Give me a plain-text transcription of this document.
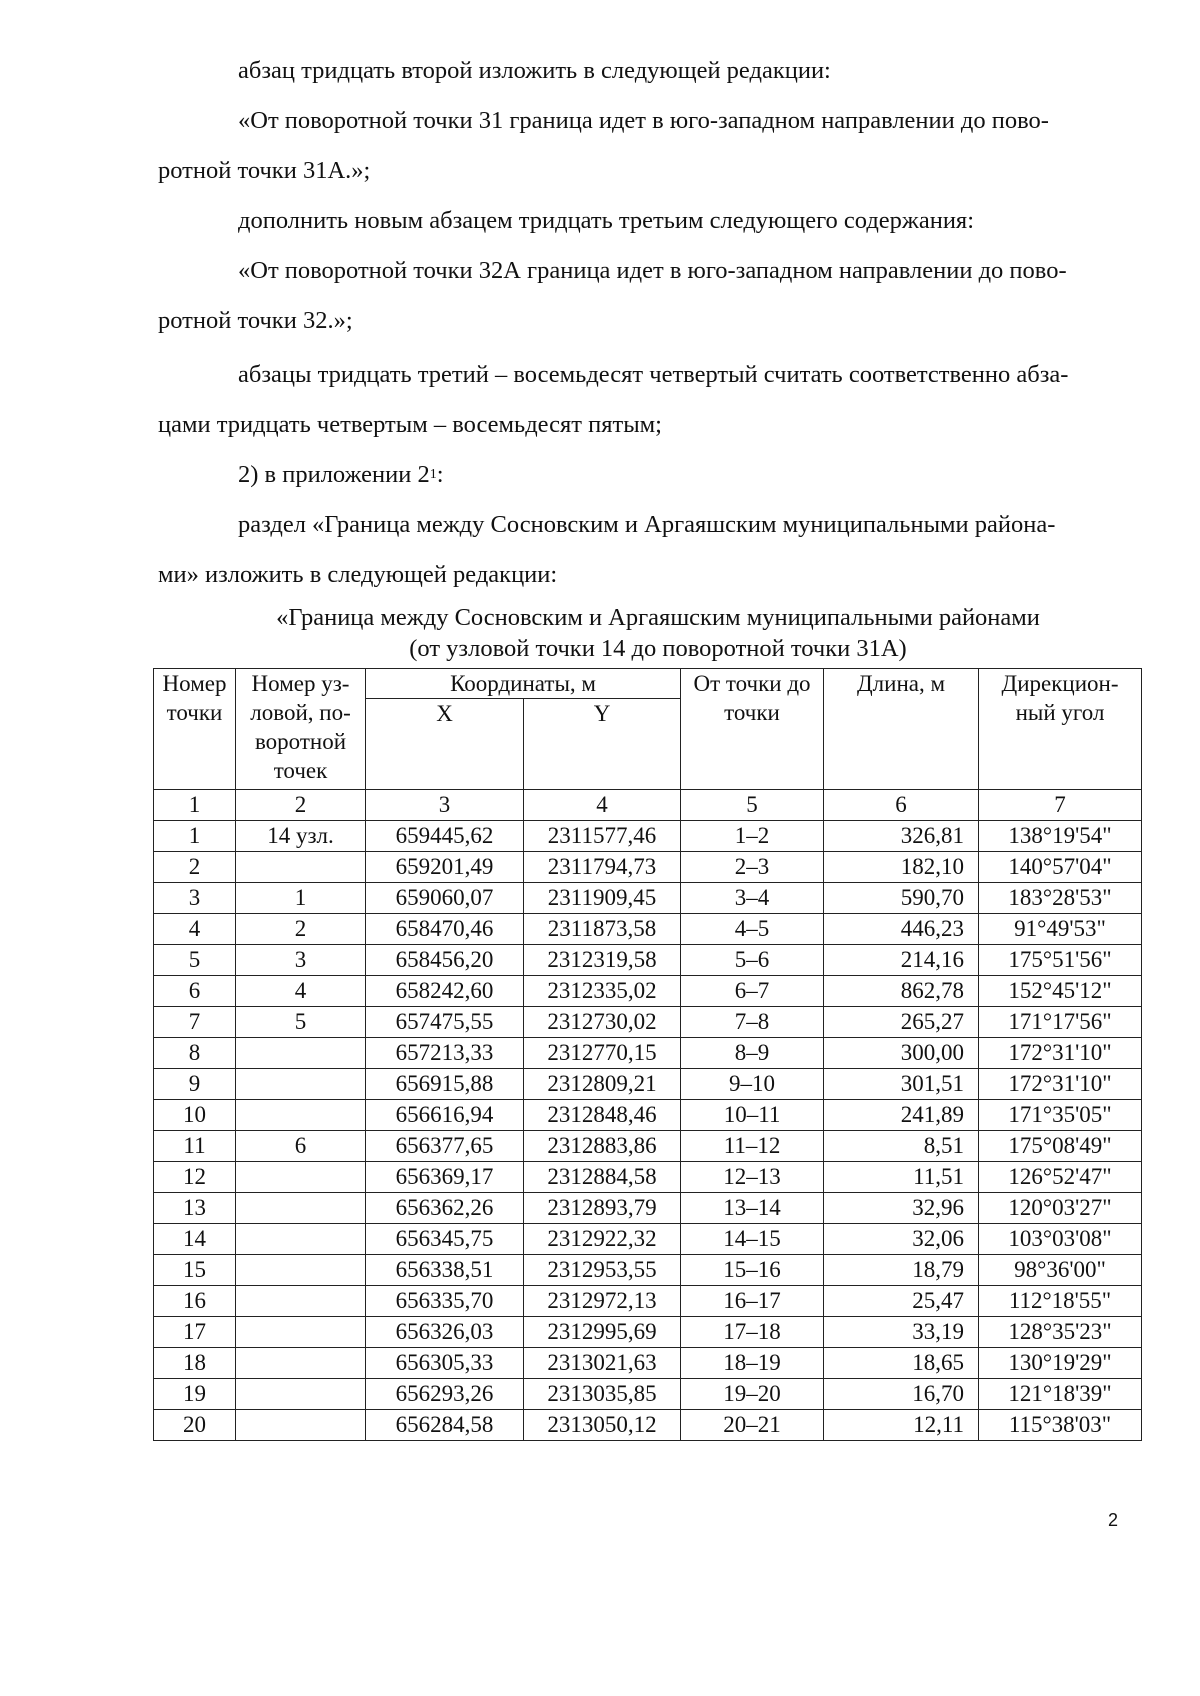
абзац тридцать второй изложить в следующей редакции:
«От поворотной точки 31 граница идет в юго-западном направлении до пово-
ротной точки 31А.»;
дополнить новым абзацем тридцать третьим следующего содержания:
«От поворотной точки 32А граница идет в юго-западном направлении до пово-
ротной точки 32.»;
абзацы тридцать третий – восемьдесят четвертый считать соответственно абза-
цами тридцать четвертым – восемьдесят пятым;
2) в приложении $2^1$:
раздел «Граница между Сосновским и Аргаяшским муниципальными района-
ми» изложить в следующей редакции:
«Граница между Сосновским и Аргаяшским муниципальными районами
(от узловой точки 14 до поворотной точки 31А)
Номер точки	Номер уз-ловой, по-воротной точек	Координаты, м		От точки до точки	Длина, м	Дирекцион-ный угол
		X	Y			
1	2	3	4	5	6	7
1	14 узл.	659445,62	2311577,46	1–2	326,81	138°19'54"
2		659201,49	2311794,73	2–3	182,10	140°57'04"
3	1	659060,07	2311909,45	3–4	590,70	183°28'53"
4	2	658470,46	2311873,58	4–5	446,23	91°49'53"
5	3	658456,20	2312319,58	5–6	214,16	175°51'56"
6	4	658242,60	2312335,02	6–7	862,78	152°45'12"
7	5	657475,55	2312730,02	7–8	265,27	171°17'56"
8		657213,33	2312770,15	8–9	300,00	172°31'10"
9		656915,88	2312809,21	9–10	301,51	172°31'10"
10		656616,94	2312848,46	10–11	241,89	171°35'05"
11	6	656377,65	2312883,86	11–12	8,51	175°08'49"
12		656369,17	2312884,58	12–13	11,51	126°52'47"
13		656362,26	2312893,79	13–14	32,96	120°03'27"
14		656345,75	2312922,32	14–15	32,06	103°03'08"
15		656338,51	2312953,55	15–16	18,79	98°36'00"
16		656335,70	2312972,13	16–17	25,47	112°18'55"
17		656326,03	2312995,69	17–18	33,19	128°35'23"
18		656305,33	2313021,63	18–19	18,65	130°19'29"
19		656293,26	2313035,85	19–20	16,70	121°18'39"
20		656284,58	2313050,12	20–21	12,11	115°38'03"
2
